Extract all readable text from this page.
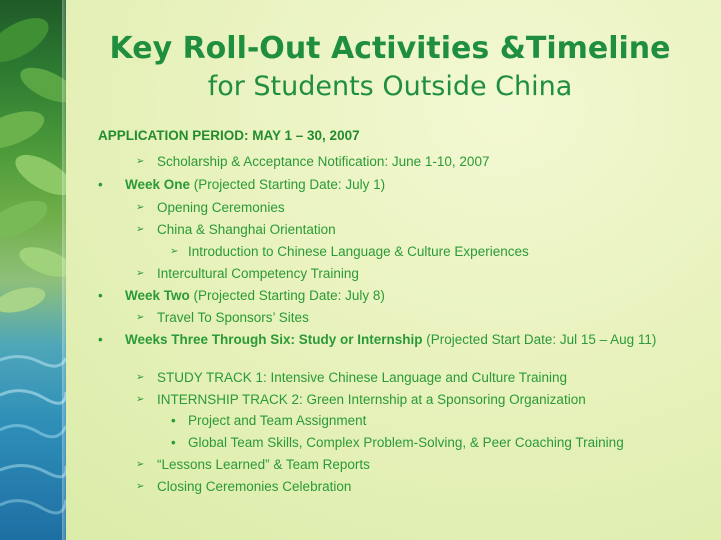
Key Roll-Out Activities &Timeline
for Students Outside China
APPLICATION PERIOD: MAY 1 – 30, 2007
➢ Scholarship & Acceptance Notification: June 1-10, 2007
•	Week One (Projected Starting Date: July 1)
➢ Opening Ceremonies
➢ China & Shanghai Orientation
➢ Introduction to Chinese Language & Culture Experiences
➢ Intercultural Competency Training
•	Week Two (Projected Starting Date: July 8)
➢ Travel To Sponsors’ Sites
•	Weeks Three Through Six: Study or Internship (Projected Start Date: Jul 15 – Aug 11)
➢ STUDY TRACK 1: Intensive Chinese Language and Culture Training
➢ INTERNSHIP TRACK 2: Green Internship at a Sponsoring Organization
• Project and Team Assignment
• Global Team Skills, Complex Problem-Solving, & Peer Coaching Training
➢ “Lessons Learned” & Team Reports
➢ Closing Ceremonies Celebration
